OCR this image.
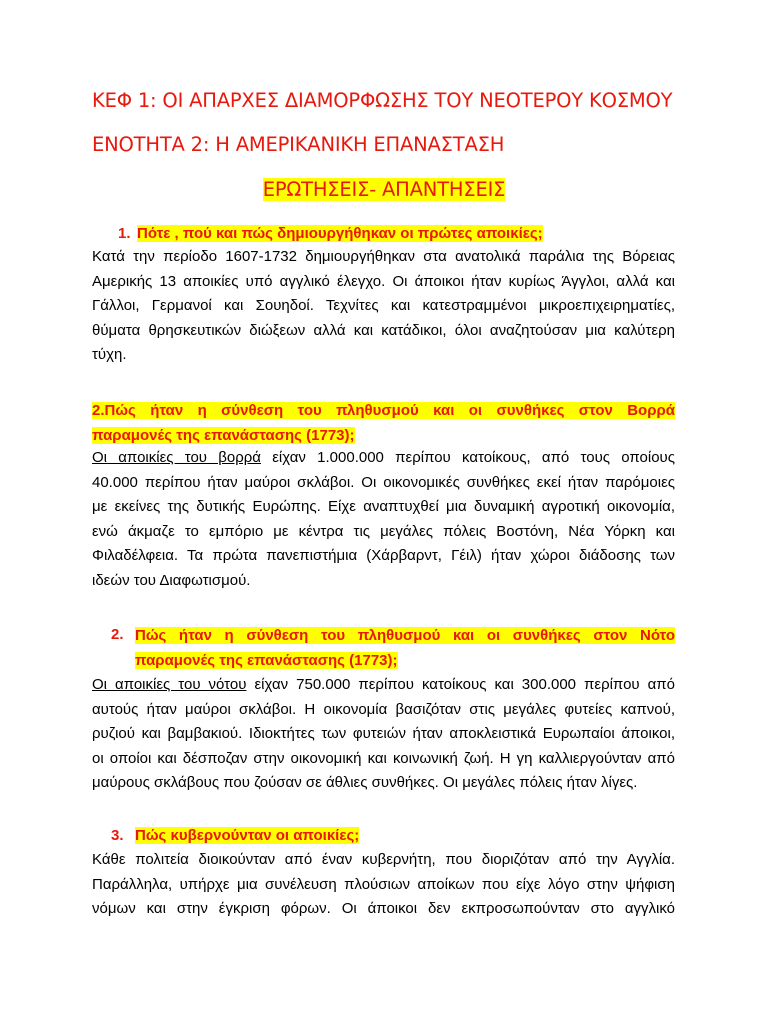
ΚΕΦ 1: ΟΙ ΑΠΑΡΧΕΣ ΔΙΑΜΟΡΦΩΣΗΣ ΤΟΥ ΝΕΟΤΕΡΟΥ ΚΟΣΜΟΥ
ΕΝΟΤΗΤΑ 2: Η ΑΜΕΡΙΚΑΝΙΚΗ ΕΠΑΝΑΣΤΑΣΗ
ΕΡΩΤΗΣΕΙΣ- ΑΠΑΝΤΗΣΕΙΣ
1. Πότε , πού και πώς δημιουργήθηκαν οι πρώτες αποικίες;
Κατά την περίοδο 1607-1732 δημιουργήθηκαν στα ανατολικά παράλια της Βόρειας
Αμερικής 13 αποικίες υπό αγγλικό έλεγχο. Οι άποικοι ήταν κυρίως Άγγλοι, αλλά και
Γάλλοι, Γερμανοί και Σουηδοί. Τεχνίτες και κατεστραμμένοι μικροεπιχειρηματίες,
θύματα θρησκευτικών διώξεων αλλά και κατάδικοι, όλοι αναζητούσαν μια καλύτερη
τύχη.
2.Πώς ήταν η σύνθεση του πληθυσμού και οι συνθήκες στον Βορρά
παραμονές της επανάστασης (1773);
Οι αποικίες του βορρά είχαν 1.000.000 περίπου κατοίκους, από τους οποίους
40.000 περίπου ήταν μαύροι σκλάβοι. Οι οικονομικές συνθήκες εκεί ήταν παρόμοιες
με εκείνες της δυτικής Ευρώπης. Είχε αναπτυχθεί μια δυναμική αγροτική οικονομία,
ενώ άκμαζε το εμπόριο με κέντρα τις μεγάλες πόλεις Βοστόνη, Νέα Υόρκη και
Φιλαδέλφεια. Τα πρώτα πανεπιστήμια (Χάρβαρντ, Γέιλ) ήταν χώροι διάδοσης των
ιδεών του Διαφωτισμού.
2. Πώς ήταν η σύνθεση του πληθυσμού και οι συνθήκες στον Νότο
παραμονές της επανάστασης (1773);
Οι αποικίες του νότου είχαν 750.000 περίπου κατοίκους και 300.000 περίπου από
αυτούς ήταν μαύροι σκλάβοι. Η οικονομία βασιζόταν στις μεγάλες φυτείες καπνού,
ρυζιού και βαμβακιού. Ιδιοκτήτες των φυτειών ήταν αποκλειστικά Ευρωπαίοι άποικοι,
οι οποίοι και δέσποζαν στην οικονομική και κοινωνική ζωή. Η γη καλλιεργούνταν από
μαύρους σκλάβους που ζούσαν σε άθλιες συνθήκες. Οι μεγάλες πόλεις ήταν λίγες.
3. Πώς κυβερνούνταν οι αποικίες;
Κάθε πολιτεία διοικούνταν από έναν κυβερνήτη, που διοριζόταν από την Αγγλία.
Παράλληλα, υπήρχε μια συνέλευση πλούσιων αποίκων που είχε λόγο στην ψήφιση
νόμων και στην έγκριση φόρων. Οι άποικοι δεν εκπροσωπούνταν στο αγγλικό
